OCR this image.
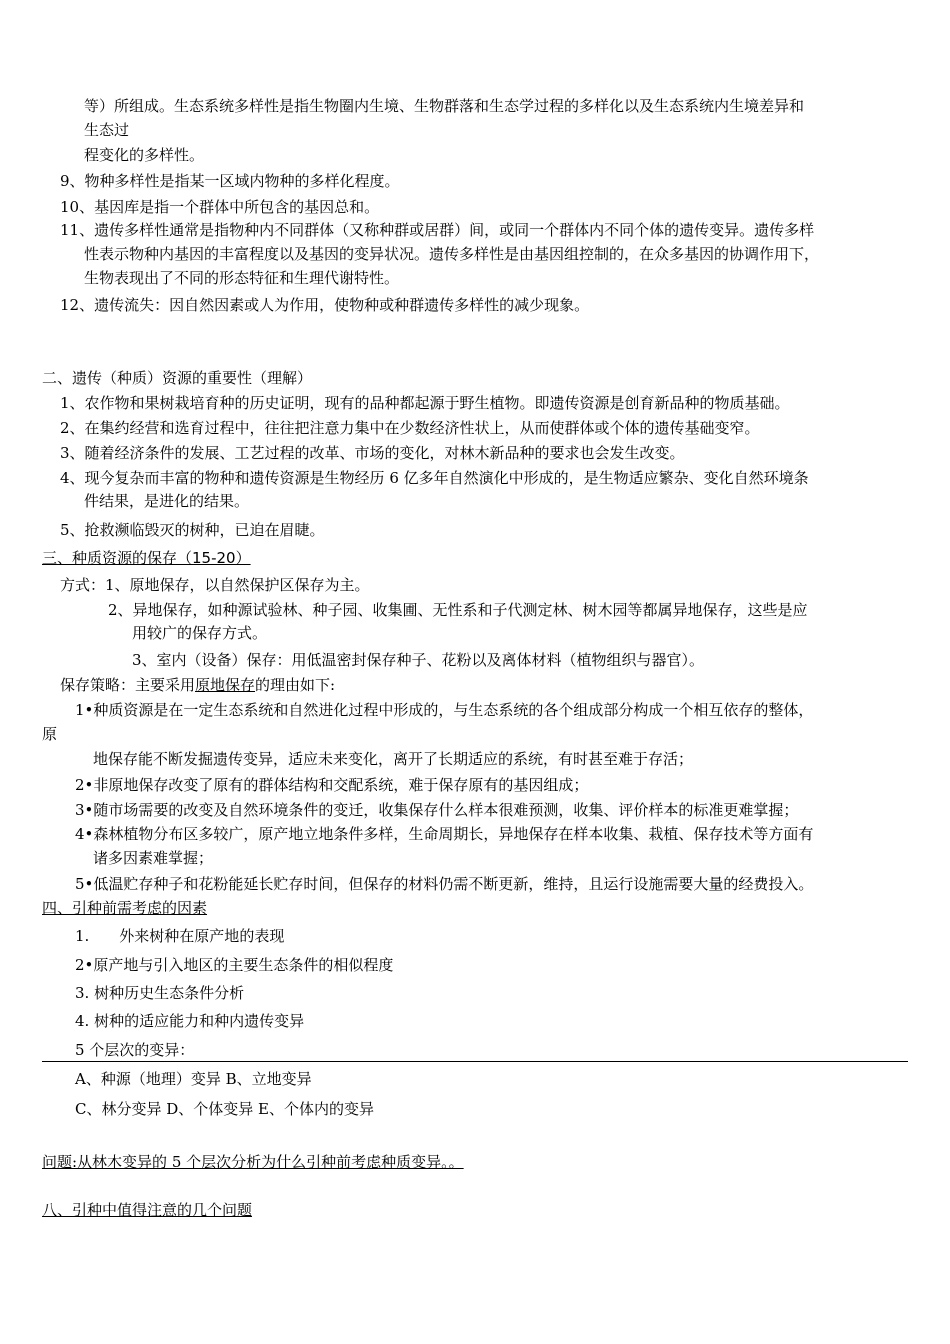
等）所组成。生态系统多样性是指生物圈内生境、生物群落和生态学过程的多样化以及生态系统内生境差异和
生态过
程变化的多样性。
9、物种多样性是指某一区域内物种的多样化程度。
10、基因库是指一个群体中所包含的基因总和。
11、遗传多样性通常是指物种内不同群体（又称种群或居群）间，或同一个群体内不同个体的遗传变异。遗传多样
性表示物种内基因的丰富程度以及基因的变异状况。遗传多样性是由基因组控制的，在众多基因的协调作用下，
生物表现出了不同的形态特征和生理代谢特性。
12、遗传流失：因自然因素或人为作用，使物种或种群遗传多样性的减少现象。
二、遗传（种质）资源的重要性（理解）
1、农作物和果树栽培育种的历史证明，现有的品种都起源于野生植物。即遗传资源是创育新品种的物质基础。
2、在集约经营和选育过程中，往往把注意力集中在少数经济性状上，从而使群体或个体的遗传基础变窄。
3、随着经济条件的发展、工艺过程的改革、市场的变化，对林木新品种的要求也会发生改变。
4、现今复杂而丰富的物种和遗传资源是生物经历 6 亿多年自然演化中形成的，是生物适应繁杂、变化自然环境条
件结果，是进化的结果。
5、抢救濒临毁灭的树种，已迫在眉睫。
三、种质资源的保存（15-20）
方式：1、原地保存，以自然保护区保存为主。
2、异地保存，如种源试验林、种子园、收集圃、无性系和子代测定林、树木园等都属异地保存，这些是应
用较广的保存方式。
3、室内（设备）保存：用低温密封保存种子、花粉以及离体材料（植物组织与器官）。
保存策略：主要采用原地保存的理由如下:
1•种质资源是在一定生态系统和自然进化过程中形成的，与生态系统的各个组成部分构成一个相互依存的整体，
原
地保存能不断发掘遗传变异，适应未来变化，离开了长期适应的系统，有时甚至难于存活；
2•非原地保存改变了原有的群体结构和交配系统，难于保存原有的基因组成；
3•随市场需要的改变及自然环境条件的变迁，收集保存什么样本很难预测，收集、评价样本的标准更难掌握；
4•森林植物分布区多较广，原产地立地条件多样，生命周期长，异地保存在样本收集、栽植、保存技术等方面有
诸多因素难掌握；
5•低温贮存种子和花粉能延长贮存时间，但保存的材料仍需不断更新，维持，且运行设施需要大量的经费投入。
四、引种前需考虑的因素
1.　　外来树种在原产地的表现
2•原产地与引入地区的主要生态条件的相似程度
3. 树种历史生态条件分析
4. 树种的适应能力和种内遗传变异
5 个层次的变异：
A、种源（地理）变异 B、立地变异
C、林分变异 D、个体变异 E、个体内的变异
问题:从林木变异的 5 个层次分析为什么引种前考虑种质变异。。
八、引种中值得注意的几个问题
